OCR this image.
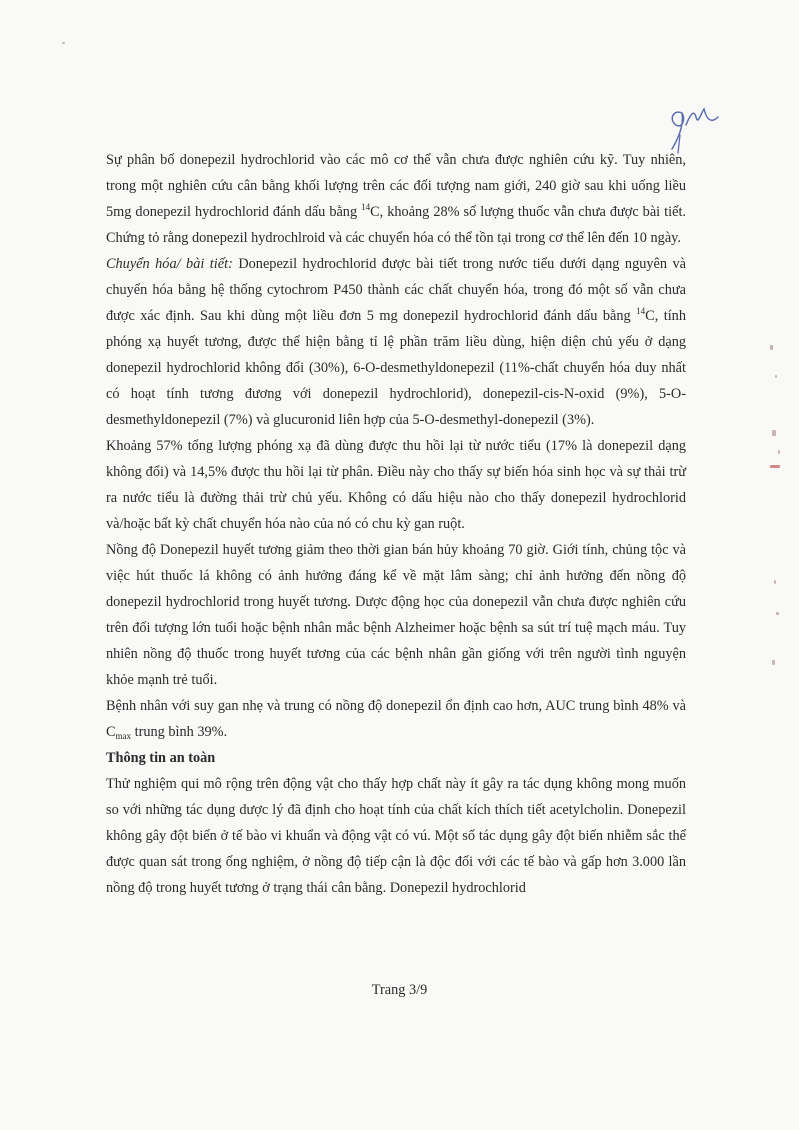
Sự phân bố donepezil hydrochlorid vào các mô cơ thể vẫn chưa được nghiên cứu kỹ. Tuy nhiên, trong một nghiên cứu cân bằng khối lượng trên các đối tượng nam giới, 240 giờ sau khi uống liều 5mg donepezil hydrochlorid đánh dấu bằng $^{14}$C, khoảng 28% số lượng thuốc vẫn chưa được bài tiết. Chứng tỏ rằng donepezil hydrochlroid và các chuyển hóa có thể tồn tại trong cơ thể lên đến 10 ngày.

Chuyển hóa/ bài tiết: Donepezil hydrochlorid được bài tiết trong nước tiểu dưới dạng nguyên và chuyển hóa bằng hệ thống cytochrom P450 thành các chất chuyển hóa, trong đó một số vẫn chưa được xác định. Sau khi dùng một liều đơn 5 mg donepezil hydrochlorid đánh dấu bằng $^{14}$C, tính phóng xạ huyết tương, được thể hiện bằng tỉ lệ phần trăm liều dùng, hiện diện chủ yếu ở dạng donepezil hydrochlorid không đổi (30%), 6-O-desmethyldonepezil (11%-chất chuyển hóa duy nhất có hoạt tính tương đương với donepezil hydrochlorid), donepezil-cis-N-oxid (9%), 5-O-desmethyldonepezil (7%) và glucuronid liên hợp của 5-O-desmethyl-donepezil (3%).

Khoảng 57% tổng lượng phóng xạ đã dùng được thu hồi lại từ nước tiểu (17% là donepezil dạng không đổi) và 14,5% được thu hồi lại từ phân. Điều này cho thấy sự biến hóa sinh học và sự thải trừ ra nước tiểu là đường thải trừ chủ yếu. Không có dấu hiệu nào cho thấy donepezil hydrochlorid và/hoặc bất kỳ chất chuyển hóa nào của nó có chu kỳ gan ruột.

Nồng độ Donepezil huyết tương giảm theo thời gian bán hủy khoảng 70 giờ. Giới tính, chủng tộc và việc hút thuốc lá không có ảnh hưởng đáng kể về mặt lâm sàng; chỉ ảnh hưởng đến nồng độ donepezil hydrochlorid trong huyết tương. Dược động học của donepezil vẫn chưa được nghiên cứu trên đối tượng lớn tuổi hoặc bệnh nhân mắc bệnh Alzheimer hoặc bệnh sa sút trí tuệ mạch máu. Tuy nhiên nồng độ thuốc trong huyết tương của các bệnh nhân gần giống với trên người tình nguyện khỏe mạnh trẻ tuổi.

Bệnh nhân với suy gan nhẹ và trung có nồng độ donepezil ổn định cao hơn, AUC trung bình 48% và $C_{max}$ trung bình 39%.

Thông tin an toàn

Thử nghiệm qui mô rộng trên động vật cho thấy hợp chất này ít gây ra tác dụng không mong muốn so với những tác dụng dược lý đã định cho hoạt tính của chất kích thích tiết acetylcholin. Donepezil không gây đột biến ở tế bào vi khuẩn và động vật có vú. Một số tác dụng gây đột biến nhiễm sắc thể được quan sát trong ống nghiệm, ở nồng độ tiếp cận là độc đối với các tế bào và gấp hơn 3.000 lần nồng độ trong huyết tương ở trạng thái cân bằng. Donepezil hydrochlorid

Trang 3/9
